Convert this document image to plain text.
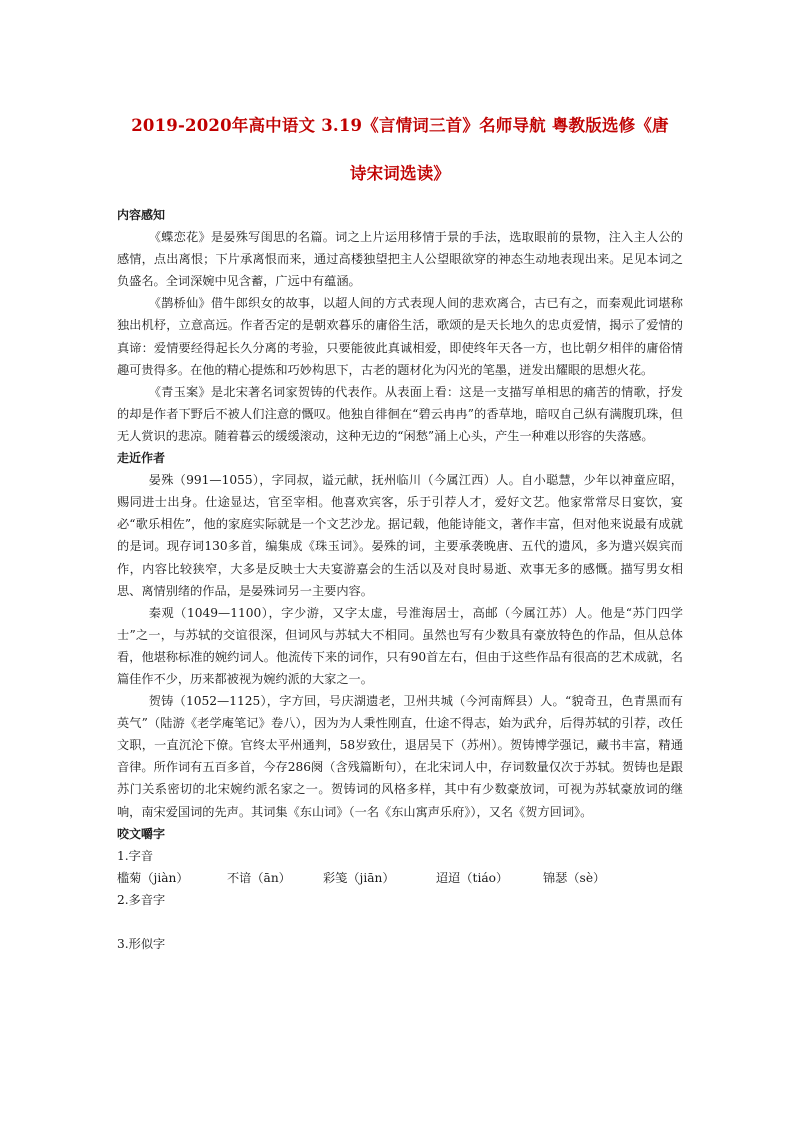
2019-2020年高中语文 3.19《言情词三首》名师导航 粤教版选修《唐诗宋词选读》

内容感知

《蝶恋花》是晏殊写闺思的名篇。词之上片运用移情于景的手法，选取眼前的景物，注入主人公的感情，点出离恨；下片承离恨而来，通过高楼独望把主人公望眼欲穿的神态生动地表现出来。足见本词之负盛名。全词深婉中见含蓄，广远中有蕴涵。

《鹊桥仙》借牛郎织女的故事，以超人间的方式表现人间的悲欢离合，古已有之，而秦观此词堪称独出机杼，立意高远。作者否定的是朝欢暮乐的庸俗生活，歌颂的是天长地久的忠贞爱情，揭示了爱情的真谛：爱情要经得起长久分离的考验，只要能彼此真诚相爱，即使终年天各一方，也比朝夕相伴的庸俗情趣可贵得多。在他的精心提炼和巧妙构思下，古老的题材化为闪光的笔墨，迸发出耀眼的思想火花。

《青玉案》是北宋著名词家贺铸的代表作。从表面上看：这是一支描写单相思的痛苦的情歌，抒发的却是作者下野后不被人们注意的慨叹。他独自徘徊在“碧云冉冉”的香草地，暗叹自己纵有满腹玑珠，但无人赏识的悲凉。随着暮云的缓缓滚动，这种无边的“闲愁”涌上心头，产生一种难以形容的失落感。

走近作者

晏殊（991—1055），字同叔，谥元献，抚州临川（今属江西）人。自小聪慧，少年以神童应昭，赐同进士出身。仕途显达，官至宰相。他喜欢宾客，乐于引荐人才，爱好文艺。他家常常尽日宴饮，宴必“歌乐相佐”，他的家庭实际就是一个文艺沙龙。据记载，他能诗能文，著作丰富，但对他来说最有成就的是词。现存词130多首，编集成《珠玉词》。晏殊的词，主要承袭晚唐、五代的遗风，多为遣兴娱宾而作，内容比较狭窄，大多是反映士大夫宴游嘉会的生活以及对良时易逝、欢事无多的感慨。描写男女相思、离情别绪的作品，是晏殊词另一主要内容。

秦观（1049—1100），字少游，又字太虚，号淮海居士，高邮（今属江苏）人。他是“苏门四学士”之一，与苏轼的交谊很深，但词风与苏轼大不相同。虽然也写有少数具有豪放特色的作品，但从总体看，他堪称标准的婉约词人。他流传下来的词作，只有90首左右，但由于这些作品有很高的艺术成就，名篇佳作不少，历来都被视为婉约派的大家之一。

贺铸（1052—1125），字方回，号庆湖遗老，卫州共城（今河南辉县）人。“貌奇丑，色青黑而有英气”（陆游《老学庵笔记》卷八），因为为人秉性刚直，仕途不得志，始为武弁，后得苏轼的引荐，改任文职，一直沉沦下僚。官终太平州通判，58岁致仕，退居吴下（苏州）。贺铸博学强记，藏书丰富，精通音律。所作词有五百多首，今存286阕（含残篇断句），在北宋词人中，存词数量仅次于苏轼。贺铸也是跟苏门关系密切的北宋婉约派名家之一。贺铸词的风格多样，其中有少数豪放词，可视为苏轼豪放词的继响，南宋爱国词的先声。其词集《东山词》（一名《东山寓声乐府》），又名《贺方回词》。

咬文嚼字

1.字音

槛菊（jiàn）	不谙（ān）	彩笺（jiān）	迢迢（tiáo）	锦瑟（sè）

2.多音字

3.形似字
